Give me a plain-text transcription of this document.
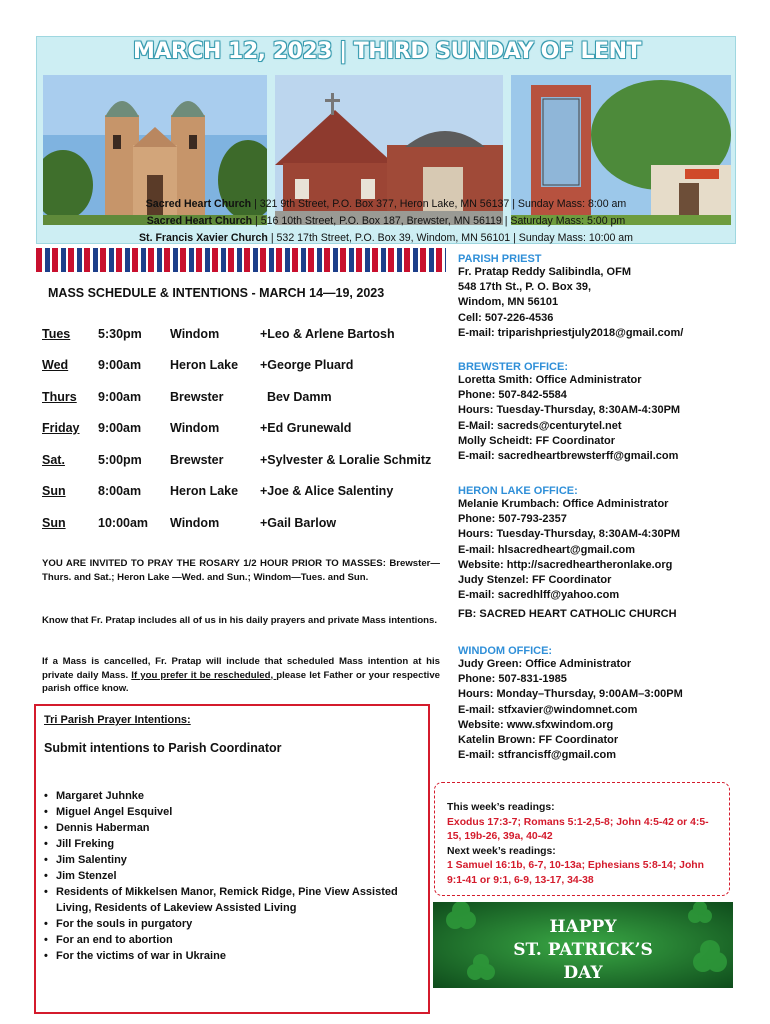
MARCH 12, 2023 | THIRD SUNDAY OF LENT
Sacred Heart Church | 321 9th Street, P.O. Box 377, Heron Lake, MN 56137 | Sunday Mass: 8:00 am
Sacred Heart Church | 516 10th Street, P.O. Box 187, Brewster, MN 56119 | Saturday Mass: 5:00 pm
St. Francis Xavier Church | 532 17th Street, P.O. Box 39, Windom, MN 56101 | Sunday Mass: 10:00 am
MASS SCHEDULE & INTENTIONS - MARCH 14—19, 2023
Tues	5:30pm	Windom	+Leo & Arlene Bartosh
Wed	9:00am	Heron Lake	+George Pluard
Thurs	9:00am	Brewster	Bev Damm
Friday	9:00am	Windom	+Ed Grunewald
Sat.	5:00pm	Brewster	+Sylvester & Loralie Schmitz
Sun	8:00am	Heron Lake	+Joe & Alice Salentiny
Sun	10:00am	Windom	+Gail Barlow
YOU ARE INVITED TO PRAY THE ROSARY 1/2 HOUR PRIOR TO MASSES: Brewster— Thurs. and Sat.; Heron Lake —Wed. and Sun.; Windom—Tues. and Sun.
Know that Fr. Pratap includes all of us in his daily prayers and private Mass intentions.
If a Mass is cancelled, Fr. Pratap will include that scheduled Mass intention at his private daily Mass. If you prefer it be rescheduled, please let Father or your respective parish office know.
Tri Parish Prayer Intentions:
Submit intentions to Parish Coordinator
• Margaret Juhnke
• Miguel Angel Esquivel
• Dennis Haberman
• Jill Freking
• Jim Salentiny
• Jim Stenzel
• Residents of Mikkelsen Manor, Remick Ridge, Pine View Assisted Living, Residents of Lakeview Assisted Living
• For the souls in purgatory
• For an end to abortion
• For the victims of war in Ukraine
PARISH PRIEST
Fr. Pratap Reddy Salibindla, OFM
548 17th St., P. O. Box 39,
Windom, MN 56101
Cell: 507-226-4536
E-mail: triparishpriestjuly2018@gmail.com/
BREWSTER OFFICE:
Loretta Smith: Office Administrator
Phone: 507-842-5584
Hours: Tuesday-Thursday, 8:30AM-4:30PM
E-Mail: sacreds@centurytel.net
Molly Scheidt: FF Coordinator
E-mail: sacredheartbrewsterff@gmail.com
HERON LAKE OFFICE:
Melanie Krumbach: Office Administrator
Phone: 507-793-2357
Hours: Tuesday-Thursday, 8:30AM-4:30PM
E-mail: hlsacredheart@gmail.com
Website: http://sacredheartheronlake.org
Judy Stenzel: FF Coordinator
E-mail: sacredhlff@yahoo.com
FB: SACRED HEART CATHOLIC CHURCH
WINDOM OFFICE:
Judy Green: Office Administrator
Phone: 507-831-1985
Hours: Monday–Thursday, 9:00AM–3:00PM
E-mail: stfxavier@windomnet.com
Website: www.sfxwindom.org
Katelin Brown: FF Coordinator
E-mail: stfrancisff@gmail.com
This week’s readings:
Exodus 17:3-7; Romans 5:1-2,5-8; John 4:5-42 or 4:5-15, 19b-26, 39a, 40-42
Next week’s readings:
1 Samuel 16:1b, 6-7, 10-13a; Ephesians 5:8-14; John 9:1-41 or 9:1, 6-9, 13-17, 34-38
HAPPY
ST. PATRICK’S
DAY
